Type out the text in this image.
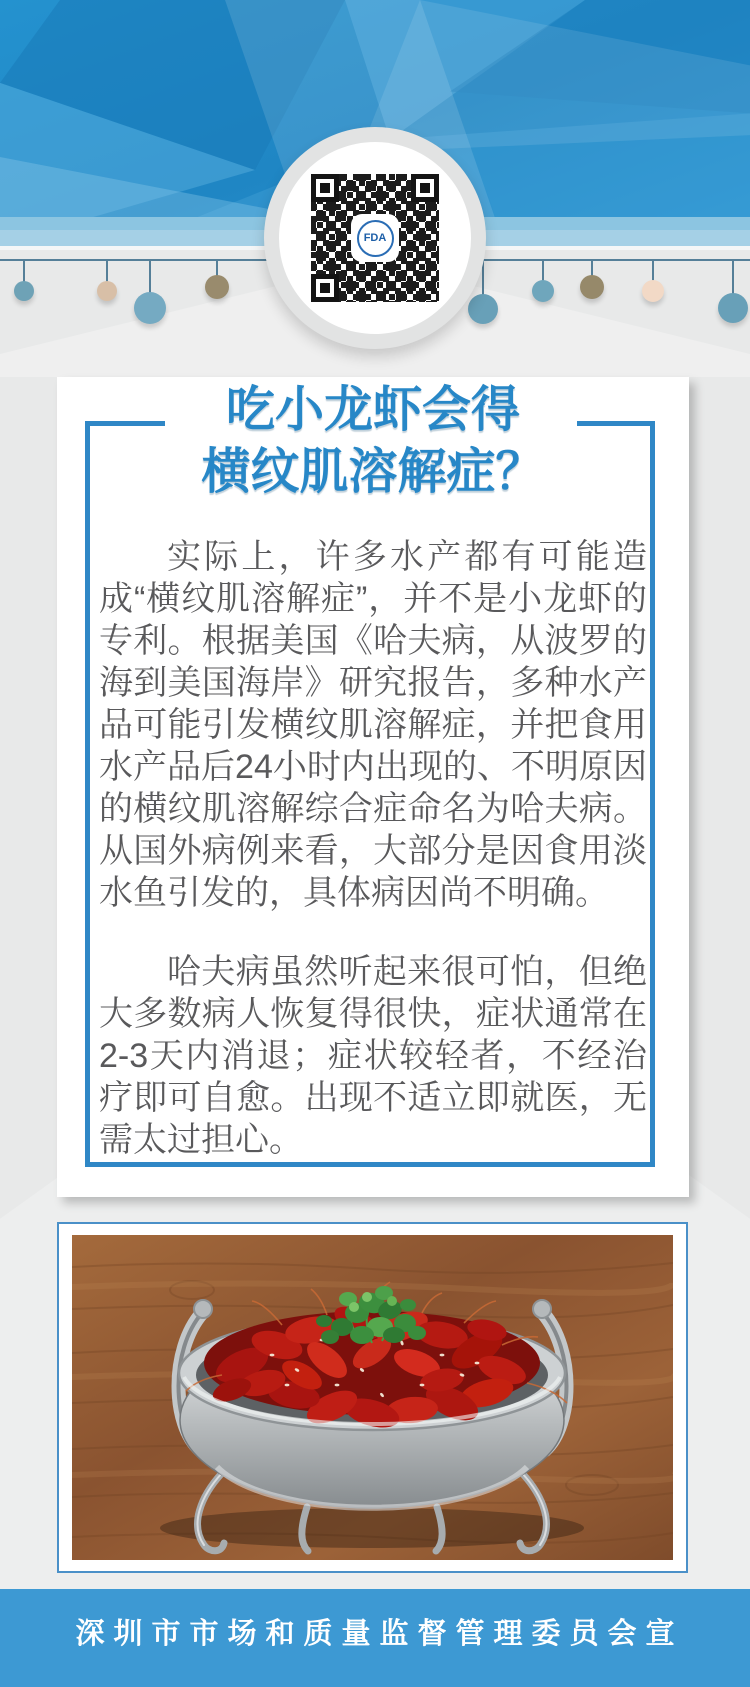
FDA
吃小龙虾会得
横纹肌溶解症？

实际上，许多水产都有可能造成“横纹肌溶解症”，并不是小龙虾的专利。根据美国《哈夫病，从波罗的海到美国海岸》研究报告，多种水产品可能引发横纹肌溶解症，并把食用水产品后24小时内出现的、不明原因的横纹肌溶解综合症命名为哈夫病。从国外病例来看，大部分是因食用淡水鱼引发的，具体病因尚不明确。

哈夫病虽然听起来很可怕，但绝大多数病人恢复得很快，症状通常在2-3天内消退；症状较轻者，不经治疗即可自愈。出现不适立即就医，无需太过担心。

深圳市市场和质量监督管理委员会宣
